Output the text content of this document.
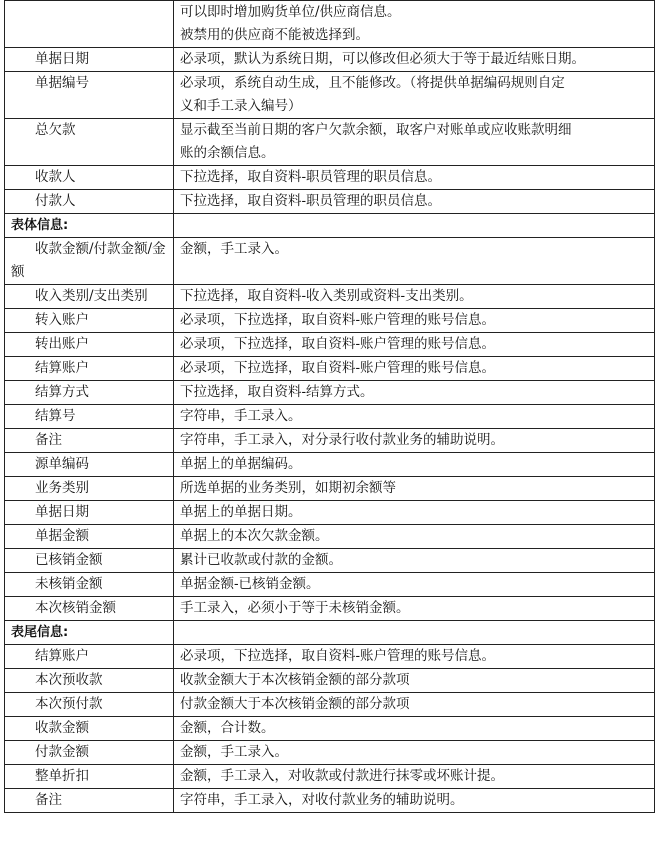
	可以即时增加购货单位/供应商信息。
被禁用的供应商不能被选择到。

单据日期	必录项，默认为系统日期，可以修改但必须大于等于最近结账日期。
单据编号	必录项，系统自动生成，且不能修改。（将提供单据编码规则自定
义和手工录入编号）

总欠款	显示截至当前日期的客户欠款余额，取客户对账单或应收账款明细
账的余额信息。

收款人	下拉选择，取自资料-职员管理的职员信息。
付款人	下拉选择，取自资料-职员管理的职员信息。
表体信息:	
收款金额/付款金额/金额	金额，手工录入。
收入类别/支出类别	下拉选择，取自资料-收入类别或资料-支出类别。
转入账户	必录项，下拉选择，取自资料-账户管理的账号信息。
转出账户	必录项，下拉选择，取自资料-账户管理的账号信息。
结算账户	必录项，下拉选择，取自资料-账户管理的账号信息。
结算方式	下拉选择，取自资料-结算方式。
结算号	字符串，手工录入。
备注	字符串，手工录入，对分录行收付款业务的辅助说明。
源单编码	单据上的单据编码。
业务类别	所选单据的业务类别，如期初余额等
单据日期	单据上的单据日期。
单据金额	单据上的本次欠款金额。
已核销金额	累计已收款或付款的金额。
未核销金额	单据金额-已核销金额。
本次核销金额	手工录入，必须小于等于未核销金额。
表尾信息:	
结算账户	必录项，下拉选择，取自资料-账户管理的账号信息。
本次预收款	收款金额大于本次核销金额的部分款项
本次预付款	付款金额大于本次核销金额的部分款项
收款金额	金额，合计数。
付款金额	金额，手工录入。
整单折扣	金额，手工录入，对收款或付款进行抹零或坏账计提。
备注	字符串，手工录入，对收付款业务的辅助说明。
